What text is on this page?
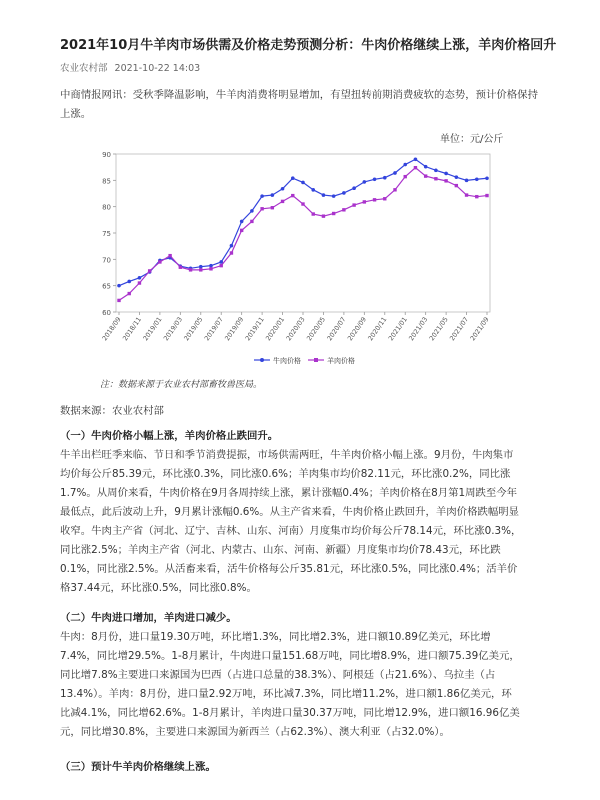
2021年10月牛羊肉市场供需及价格走势预测分析：牛肉价格继续上涨，羊肉价格回升
农业农村部 2021-10-22 14:03
中商情报网讯：受秋季降温影响，牛羊肉消费将明显增加，有望扭转前期消费疲软的态势，预计价格保持上涨。
单位：元/公斤
60
65
70
75
80
85
90
2018/09
2018/11
2019/01
2019/03
2019/05
2019/07
2019/09
2019/11
2020/01
2020/03
2020/05
2020/07
2020/09
2020/11
2021/01
2021/03
2021/05
2021/07
2021/09
牛肉价格	羊肉价格
注：数据来源于农业农村部畜牧兽医局。
数据来源：农业农村部
（一）牛肉价格小幅上涨，羊肉价格止跌回升。
牛羊出栏旺季来临、节日和季节消费提振，市场供需两旺，牛羊肉价格小幅上涨。9月份，牛肉集市
均价每公斤85.39元，环比涨0.3%，同比涨0.6%；羊肉集市均价82.11元，环比涨0.2%，同比涨
1.7%。从周价来看，牛肉价格在9月各周持续上涨，累计涨幅0.4%；羊肉价格在8月第1周跌至今年
最低点，此后波动上升，9月累计涨幅0.6%。从主产省来看，牛肉价格止跌回升，羊肉价格跌幅明显
收窄。牛肉主产省（河北、辽宁、吉林、山东、河南）月度集市均价每公斤78.14元，环比涨0.3%，
同比涨2.5%；羊肉主产省（河北、内蒙古、山东、河南、新疆）月度集市均价78.43元，环比跌
0.1%，同比涨2.5%。从活畜来看，活牛价格每公斤35.81元，环比涨0.5%，同比涨0.4%；活羊价
格37.44元，环比涨0.5%，同比涨0.8%。
（二）牛肉进口增加，羊肉进口减少。
牛肉：8月份，进口量19.30万吨，环比增1.3%，同比增2.3%，进口额10.89亿美元，环比增
7.4%，同比增29.5%。1-8月累计，牛肉进口量151.68万吨，同比增8.9%，进口额75.39亿美元，
同比增7.8%主要进口来源国为巴西（占进口总量的38.3%）、阿根廷（占21.6%）、乌拉圭（占
13.4%）。羊肉：8月份，进口量2.92万吨，环比减7.3%，同比增11.2%，进口额1.86亿美元，环
比减4.1%，同比增62.6%。1-8月累计，羊肉进口量30.37万吨，同比增12.9%，进口额16.96亿美
元，同比增30.8%，主要进口来源国为新西兰（占62.3%）、澳大利亚（占32.0%）。
（三）预计牛羊肉价格继续上涨。
